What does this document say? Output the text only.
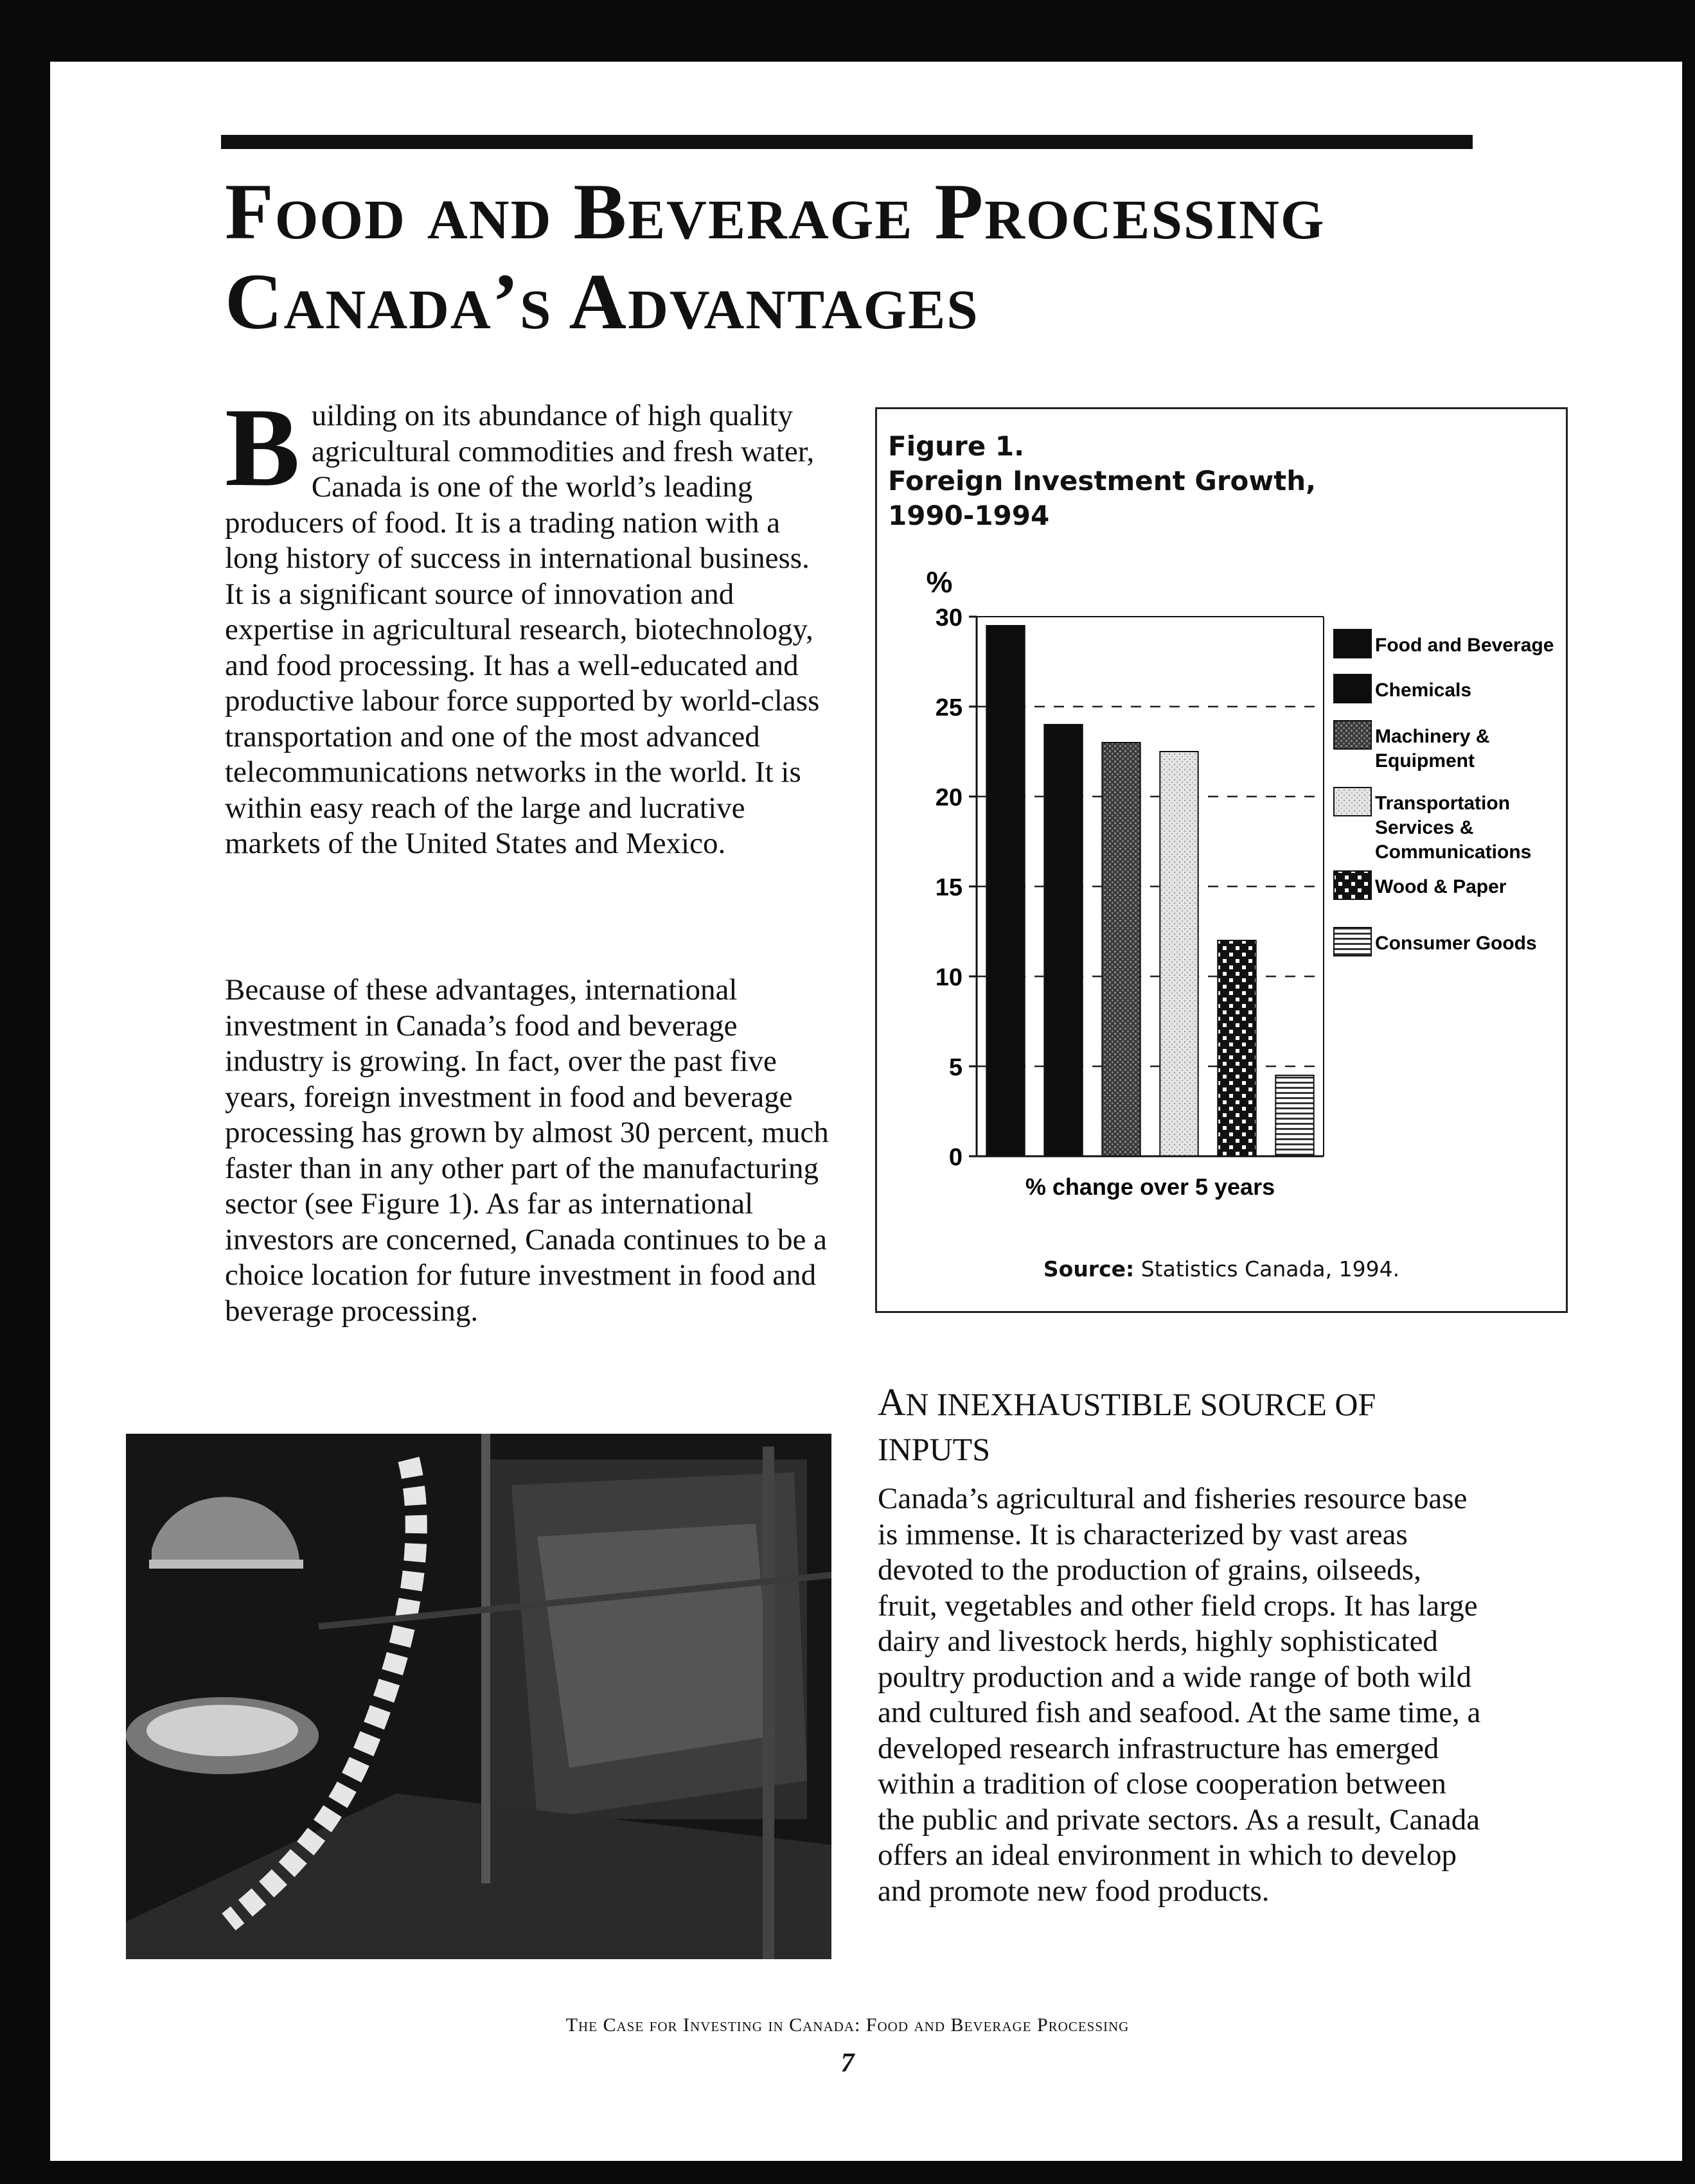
Food and Beverage Processing
Canada’s Advantages

Building on its abundance of high quality agricultural commodities and fresh water, Canada is one of the world’s leading producers of food. It is a trading nation with a long history of success in international business. It is a significant source of innovation and expertise in agricultural research, biotechnology, and food processing. It has a well-educated and productive labour force supported by world-class transportation and one of the most advanced telecommunications networks in the world. It is within easy reach of the large and lucrative markets of the United States and Mexico.

Because of these advantages, international investment in Canada’s food and beverage industry is growing. In fact, over the past five years, foreign investment in food and beverage processing has grown by almost 30 percent, much faster than in any other part of the manufacturing sector (see Figure 1). As far as international investors are concerned, Canada continues to be a choice location for future investment in food and beverage processing.

Figure 1.
Foreign Investment Growth, 1990-1994

%
0
5
10
15
20
25
30
Food and Beverage
Chemicals
Machinery &
Equipment
Transportation
Services &
Communications
Wood & Paper
Consumer Goods
% change over 5 years

Source: Statistics Canada, 1994.

AN INEXHAUSTIBLE SOURCE OF INPUTS

Canada’s agricultural and fisheries resource base is immense. It is characterized by vast areas devoted to the production of grains, oilseeds, fruit, vegetables and other field crops. It has large dairy and livestock herds, highly sophisticated poultry production and a wide range of both wild and cultured fish and seafood. At the same time, a developed research infrastructure has emerged within a tradition of close cooperation between the public and private sectors. As a result, Canada offers an ideal environment in which to develop and promote new food products.

The Case for Investing in Canada: Food and Beverage Processing

7
